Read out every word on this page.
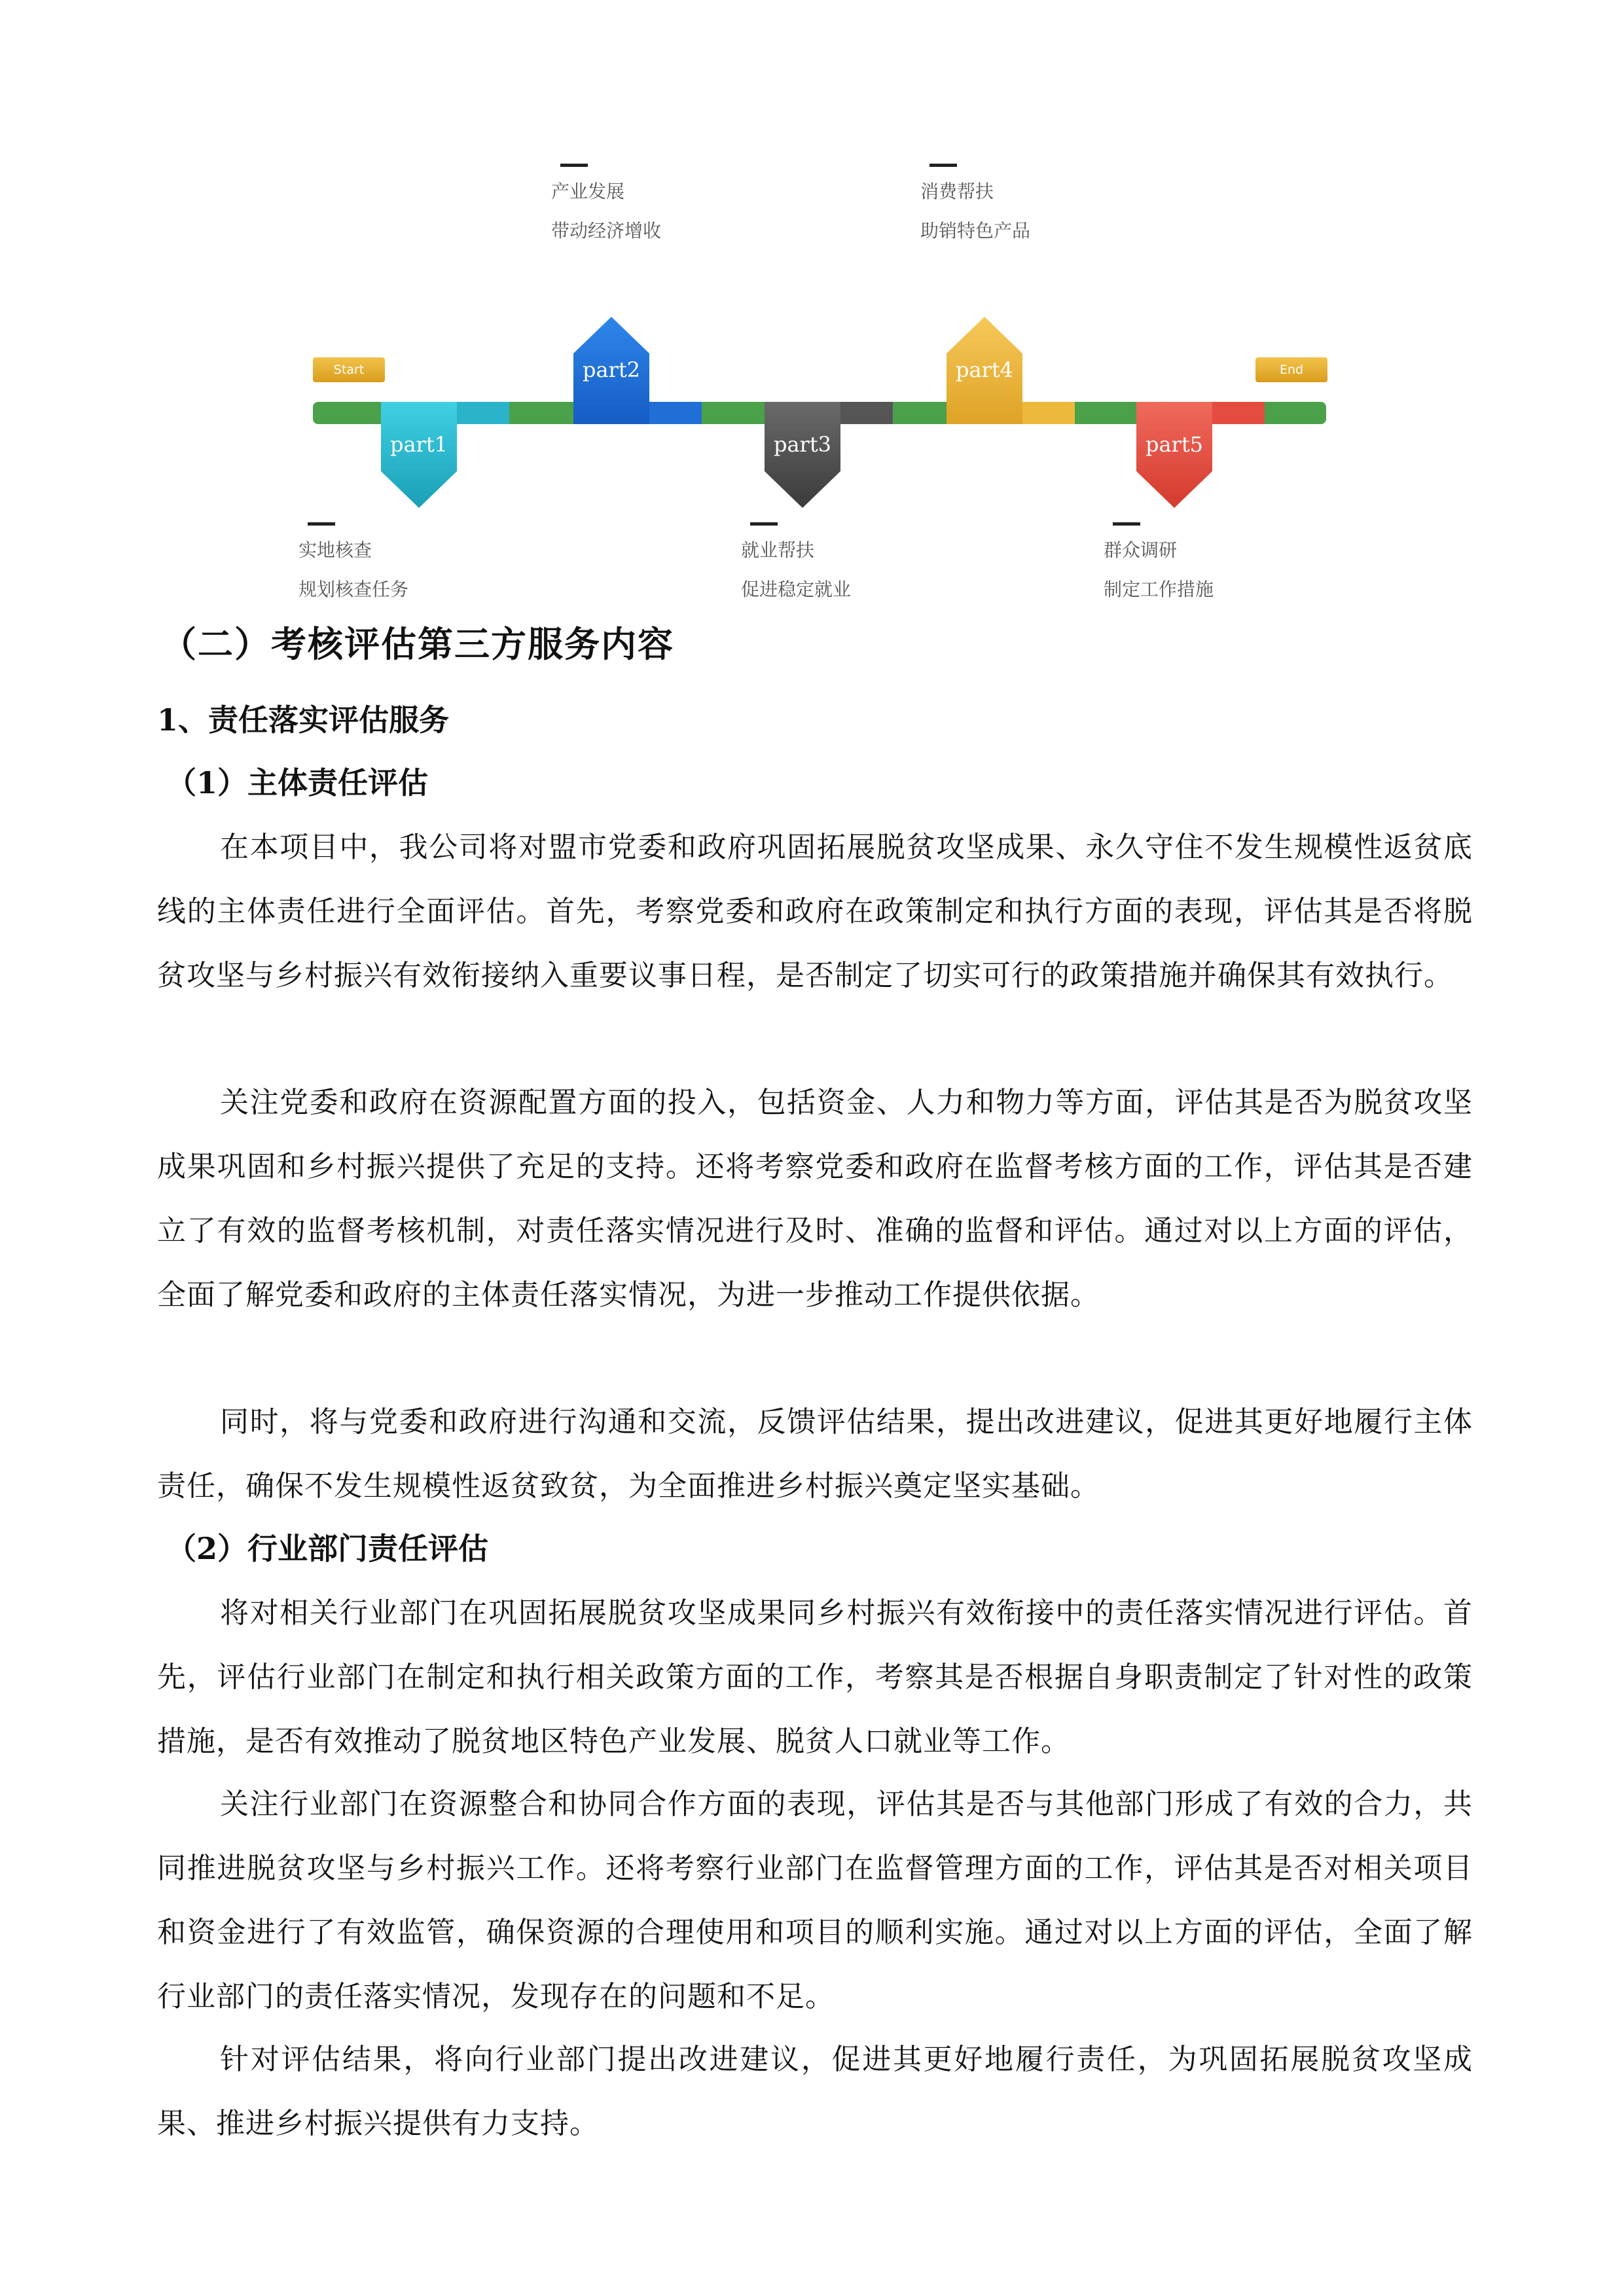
Start	End
part1
part2
part3
part4
part5
产业发展
带动经济增收
消费帮扶
助销特色产品
实地核查
规划核查任务
就业帮扶
促进稳定就业
群众调研
制定工作措施
（二）考核评估第三方服务内容
1、责任落实评估服务
（1）主体责任评估
在本项目中，我公司将对盟市党委和政府巩固拓展脱贫攻坚成果、永久守住不发生规模性返贫底线的主体责任进行全面评估。首先，考察党委和政府在政策制定和执行方面的表现，评估其是否将脱贫攻坚与乡村振兴有效衔接纳入重要议事日程，是否制定了切实可行的政策措施并确保其有效执行。
关注党委和政府在资源配置方面的投入，包括资金、人力和物力等方面，评估其是否为脱贫攻坚成果巩固和乡村振兴提供了充足的支持。还将考察党委和政府在监督考核方面的工作，评估其是否建立了有效的监督考核机制，对责任落实情况进行及时、准确的监督和评估。通过对以上方面的评估，全面了解党委和政府的主体责任落实情况，为进一步推动工作提供依据。
同时，将与党委和政府进行沟通和交流，反馈评估结果，提出改进建议，促进其更好地履行主体责任，确保不发生规模性返贫致贫，为全面推进乡村振兴奠定坚实基础。
（2）行业部门责任评估
将对相关行业部门在巩固拓展脱贫攻坚成果同乡村振兴有效衔接中的责任落实情况进行评估。首先，评估行业部门在制定和执行相关政策方面的工作，考察其是否根据自身职责制定了针对性的政策措施，是否有效推动了脱贫地区特色产业发展、脱贫人口就业等工作。
关注行业部门在资源整合和协同合作方面的表现，评估其是否与其他部门形成了有效的合力，共同推进脱贫攻坚与乡村振兴工作。还将考察行业部门在监督管理方面的工作，评估其是否对相关项目和资金进行了有效监管，确保资源的合理使用和项目的顺利实施。通过对以上方面的评估，全面了解行业部门的责任落实情况，发现存在的问题和不足。
针对评估结果，将向行业部门提出改进建议，促进其更好地履行责任，为巩固拓展脱贫攻坚成果、推进乡村振兴提供有力支持。
